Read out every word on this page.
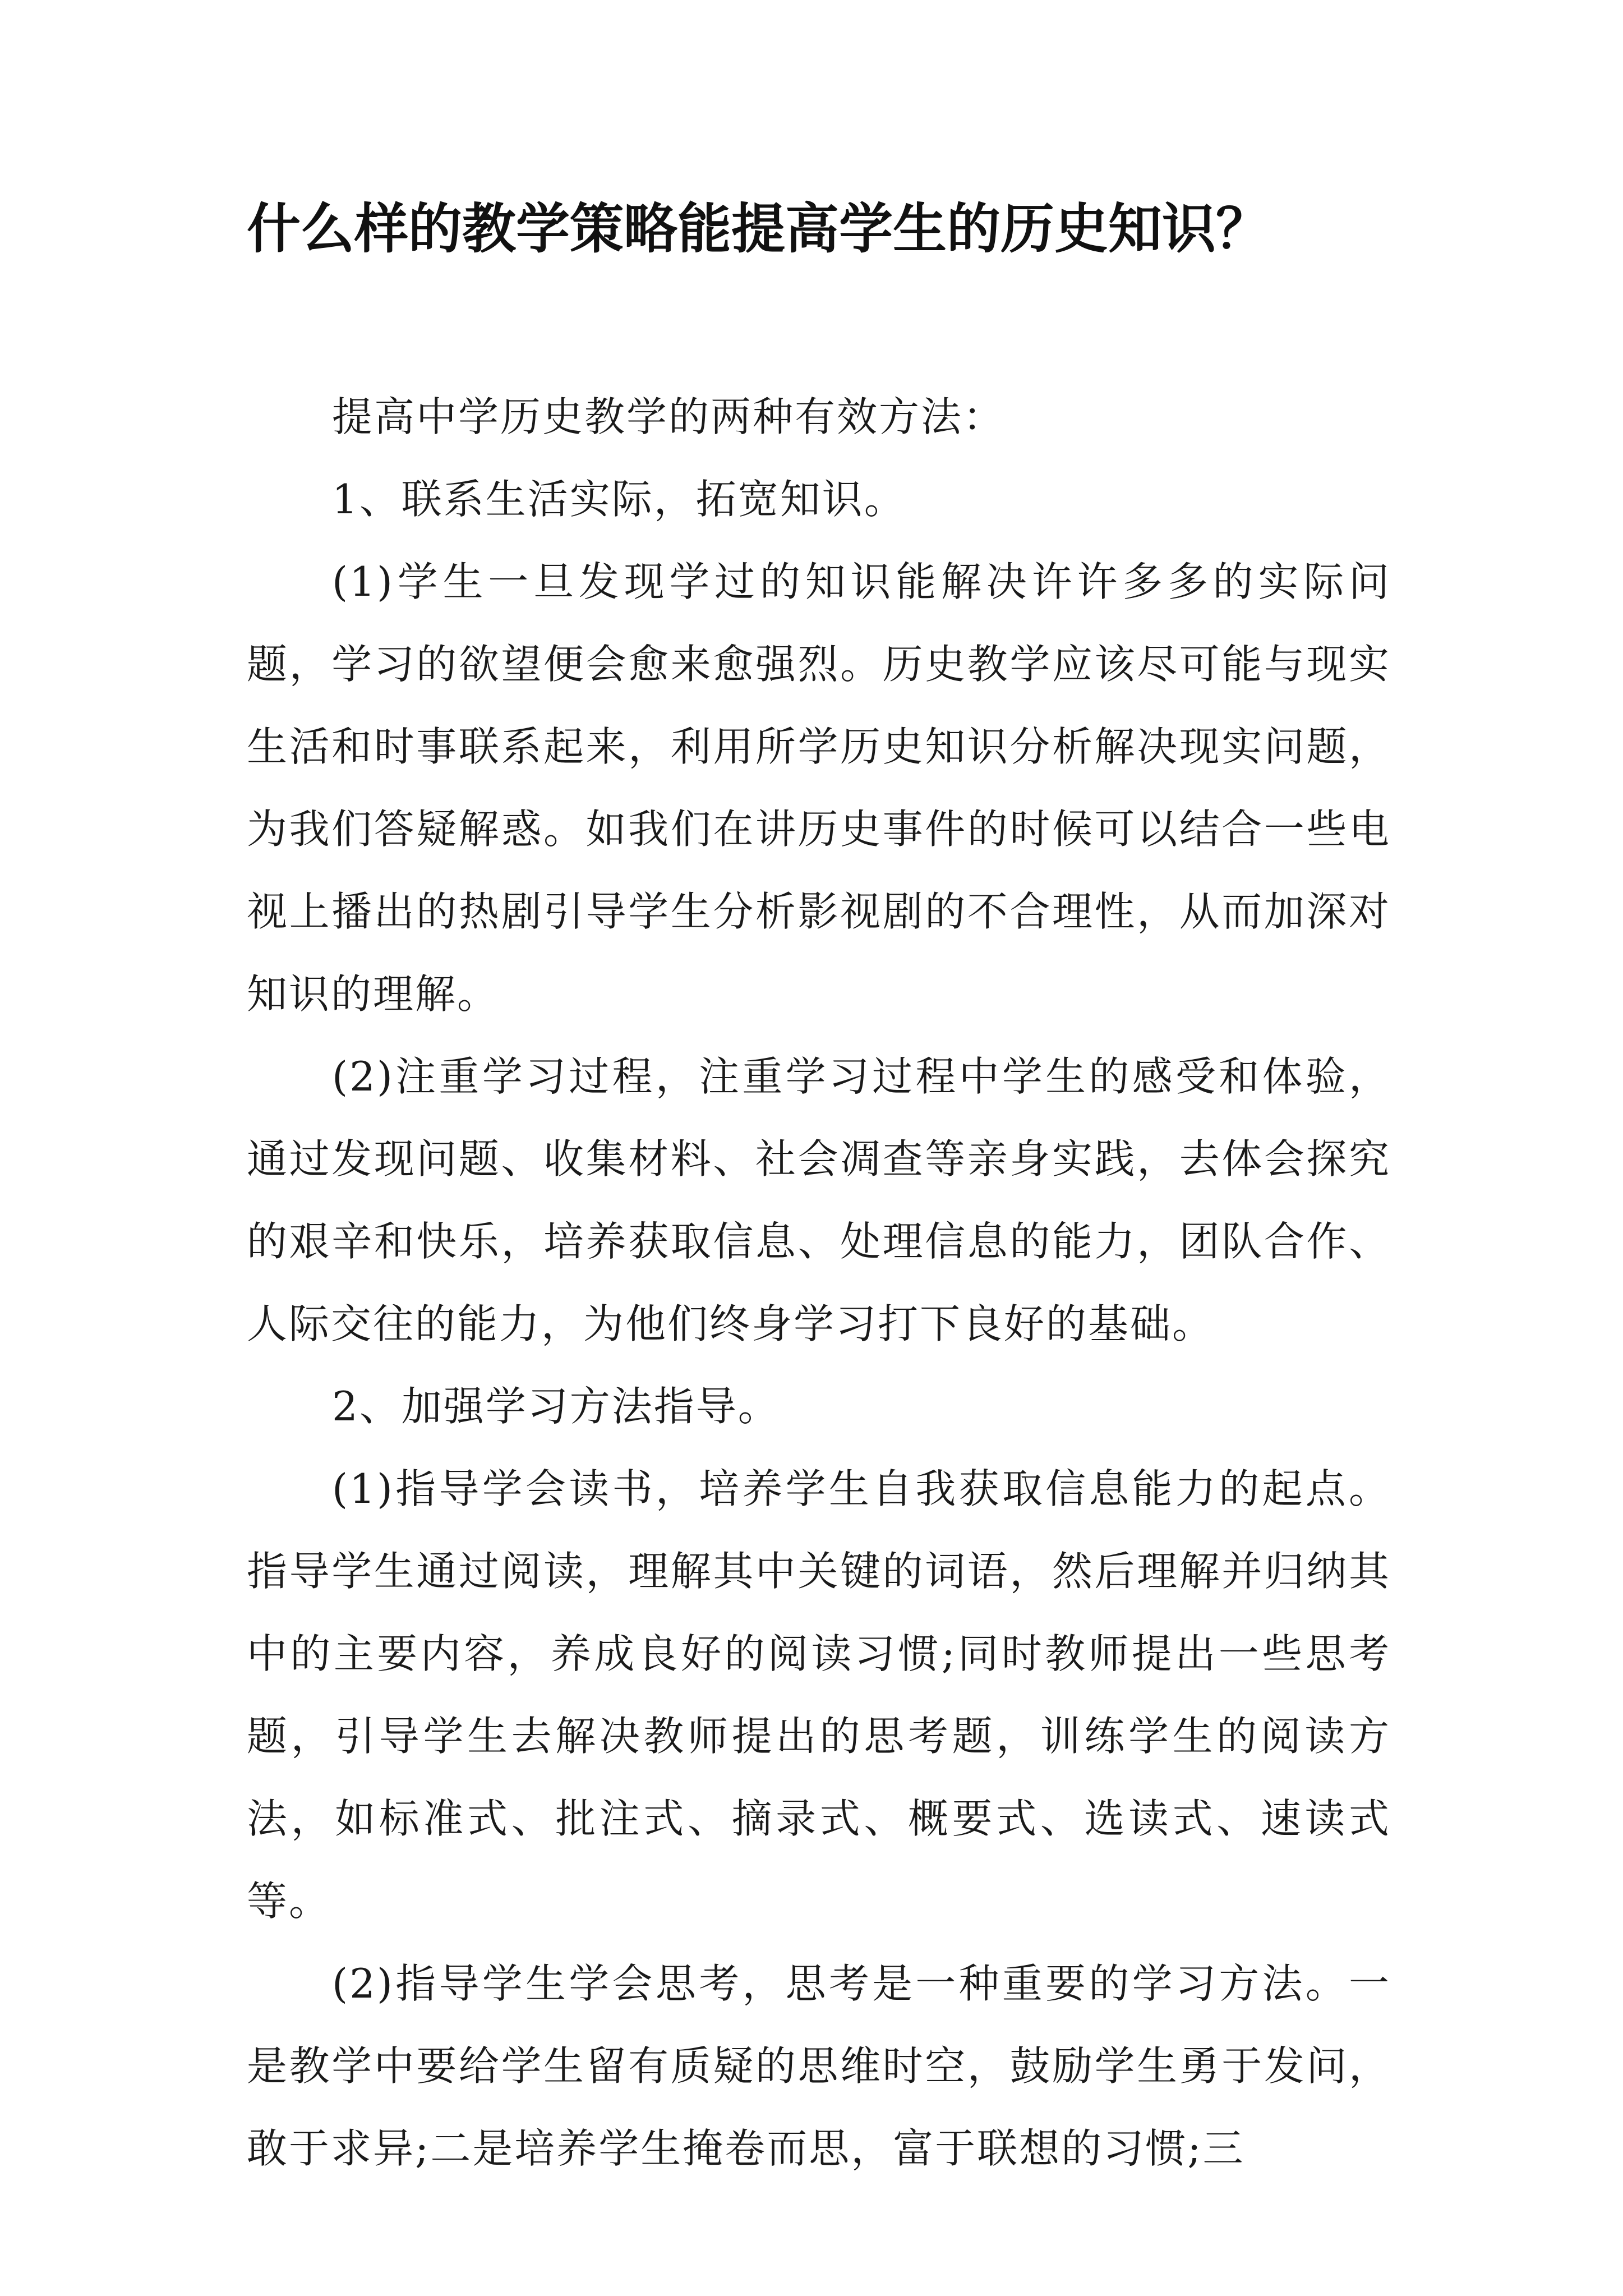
什么样的教学策略能提高学生的历史知识？

提高中学历史教学的两种有效方法：

1、联系生活实际，拓宽知识。

(1)学生一旦发现学过的知识能解决许许多多的实际问题，学习的欲望便会愈来愈强烈。历史教学应该尽可能与现实生活和时事联系起来，利用所学历史知识分析解决现实问题，为我们答疑解惑。如我们在讲历史事件的时候可以结合一些电视上播出的热剧引导学生分析影视剧的不合理性，从而加深对知识的理解。

(2)注重学习过程，注重学习过程中学生的感受和体验，通过发现问题、收集材料、社会凋查等亲身实践，去体会探究的艰辛和快乐，培养获取信息、处理信息的能力，团队合作、人际交往的能力，为他们终身学习打下良好的基础。

2、加强学习方法指导。

(1)指导学会读书，培养学生自我获取信息能力的起点。指导学生通过阅读，理解其中关键的词语，然后理解并归纳其中的主要内容，养成良好的阅读习惯;同时教师提出一些思考题，引导学生去解决教师提出的思考题，训练学生的阅读方法，如标准式、批注式、摘录式、概要式、选读式、速读式等。

(2)指导学生学会思考，思考是一种重要的学习方法。一是教学中要给学生留有质疑的思维时空，鼓励学生勇于发问，敢于求异;二是培养学生掩卷而思，富于联想的习惯;三
